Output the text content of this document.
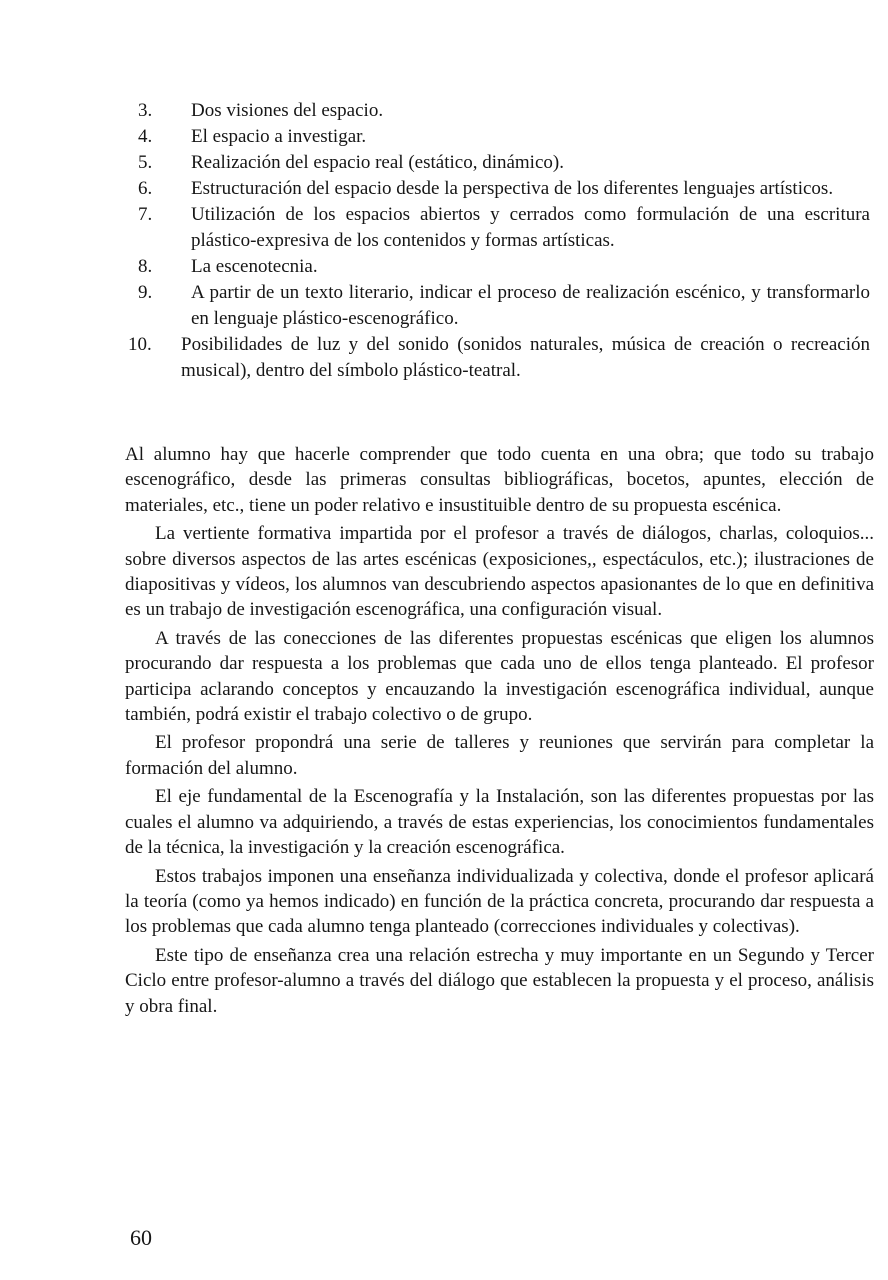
3.	Dos visiones del espacio.
4.	El espacio a investigar.
5.	Realización del espacio real (estático, dinámico).
6.	Estructuración del espacio desde la perspectiva de los diferentes lenguajes artísticos.
7.	Utilización de los espacios abiertos y cerrados como formulación de una escritura plástico-expresiva de los contenidos y formas artísticas.
8.	La escenotecnia.
9.	A partir de un texto literario, indicar el proceso de realización escénico, y transformarlo en lenguaje plástico-escenográfico.
10.	Posibilidades de luz y del sonido (sonidos naturales, música de creación o recreación musical), dentro del símbolo plástico-teatral.

Al alumno hay que hacerle comprender que todo cuenta en una obra; que todo su trabajo escenográfico, desde las primeras consultas bibliográficas, bocetos, apuntes, elección de materiales, etc., tiene un poder relativo e insustituible dentro de su propuesta escénica.

La vertiente formativa impartida por el profesor a través de diálogos, charlas, coloquios... sobre diversos aspectos de las artes escénicas (exposiciones,, espectáculos, etc.); ilustraciones de diapositivas y vídeos, los alumnos van descubriendo aspectos apasionantes de lo que en definitiva es un trabajo de investigación escenográfica, una configuración visual.

A través de las conecciones de las diferentes propuestas escénicas que eligen los alumnos procurando dar respuesta a los problemas que cada uno de ellos tenga planteado. El profesor participa aclarando conceptos y encauzando la investigación escenográfica individual, aunque también, podrá existir el trabajo colectivo o de grupo.

El profesor propondrá una serie de talleres y reuniones que servirán para completar la formación del alumno.

El eje fundamental de la Escenografía y la Instalación, son las diferentes propuestas por las cuales el alumno va adquiriendo, a través de estas experiencias, los conocimientos fundamentales de la técnica, la investigación y la creación escenográfica.

Estos trabajos imponen una enseñanza individualizada y colectiva, donde el profesor aplicará la teoría (como ya hemos indicado) en función de la práctica concreta, procurando dar respuesta a los problemas que cada alumno tenga planteado (correcciones individuales y colectivas).

Este tipo de enseñanza crea una relación estrecha y muy importante en un Segundo y Tercer Ciclo entre profesor-alumno a través del diálogo que establecen la propuesta y el proceso, análisis y obra final.

60
